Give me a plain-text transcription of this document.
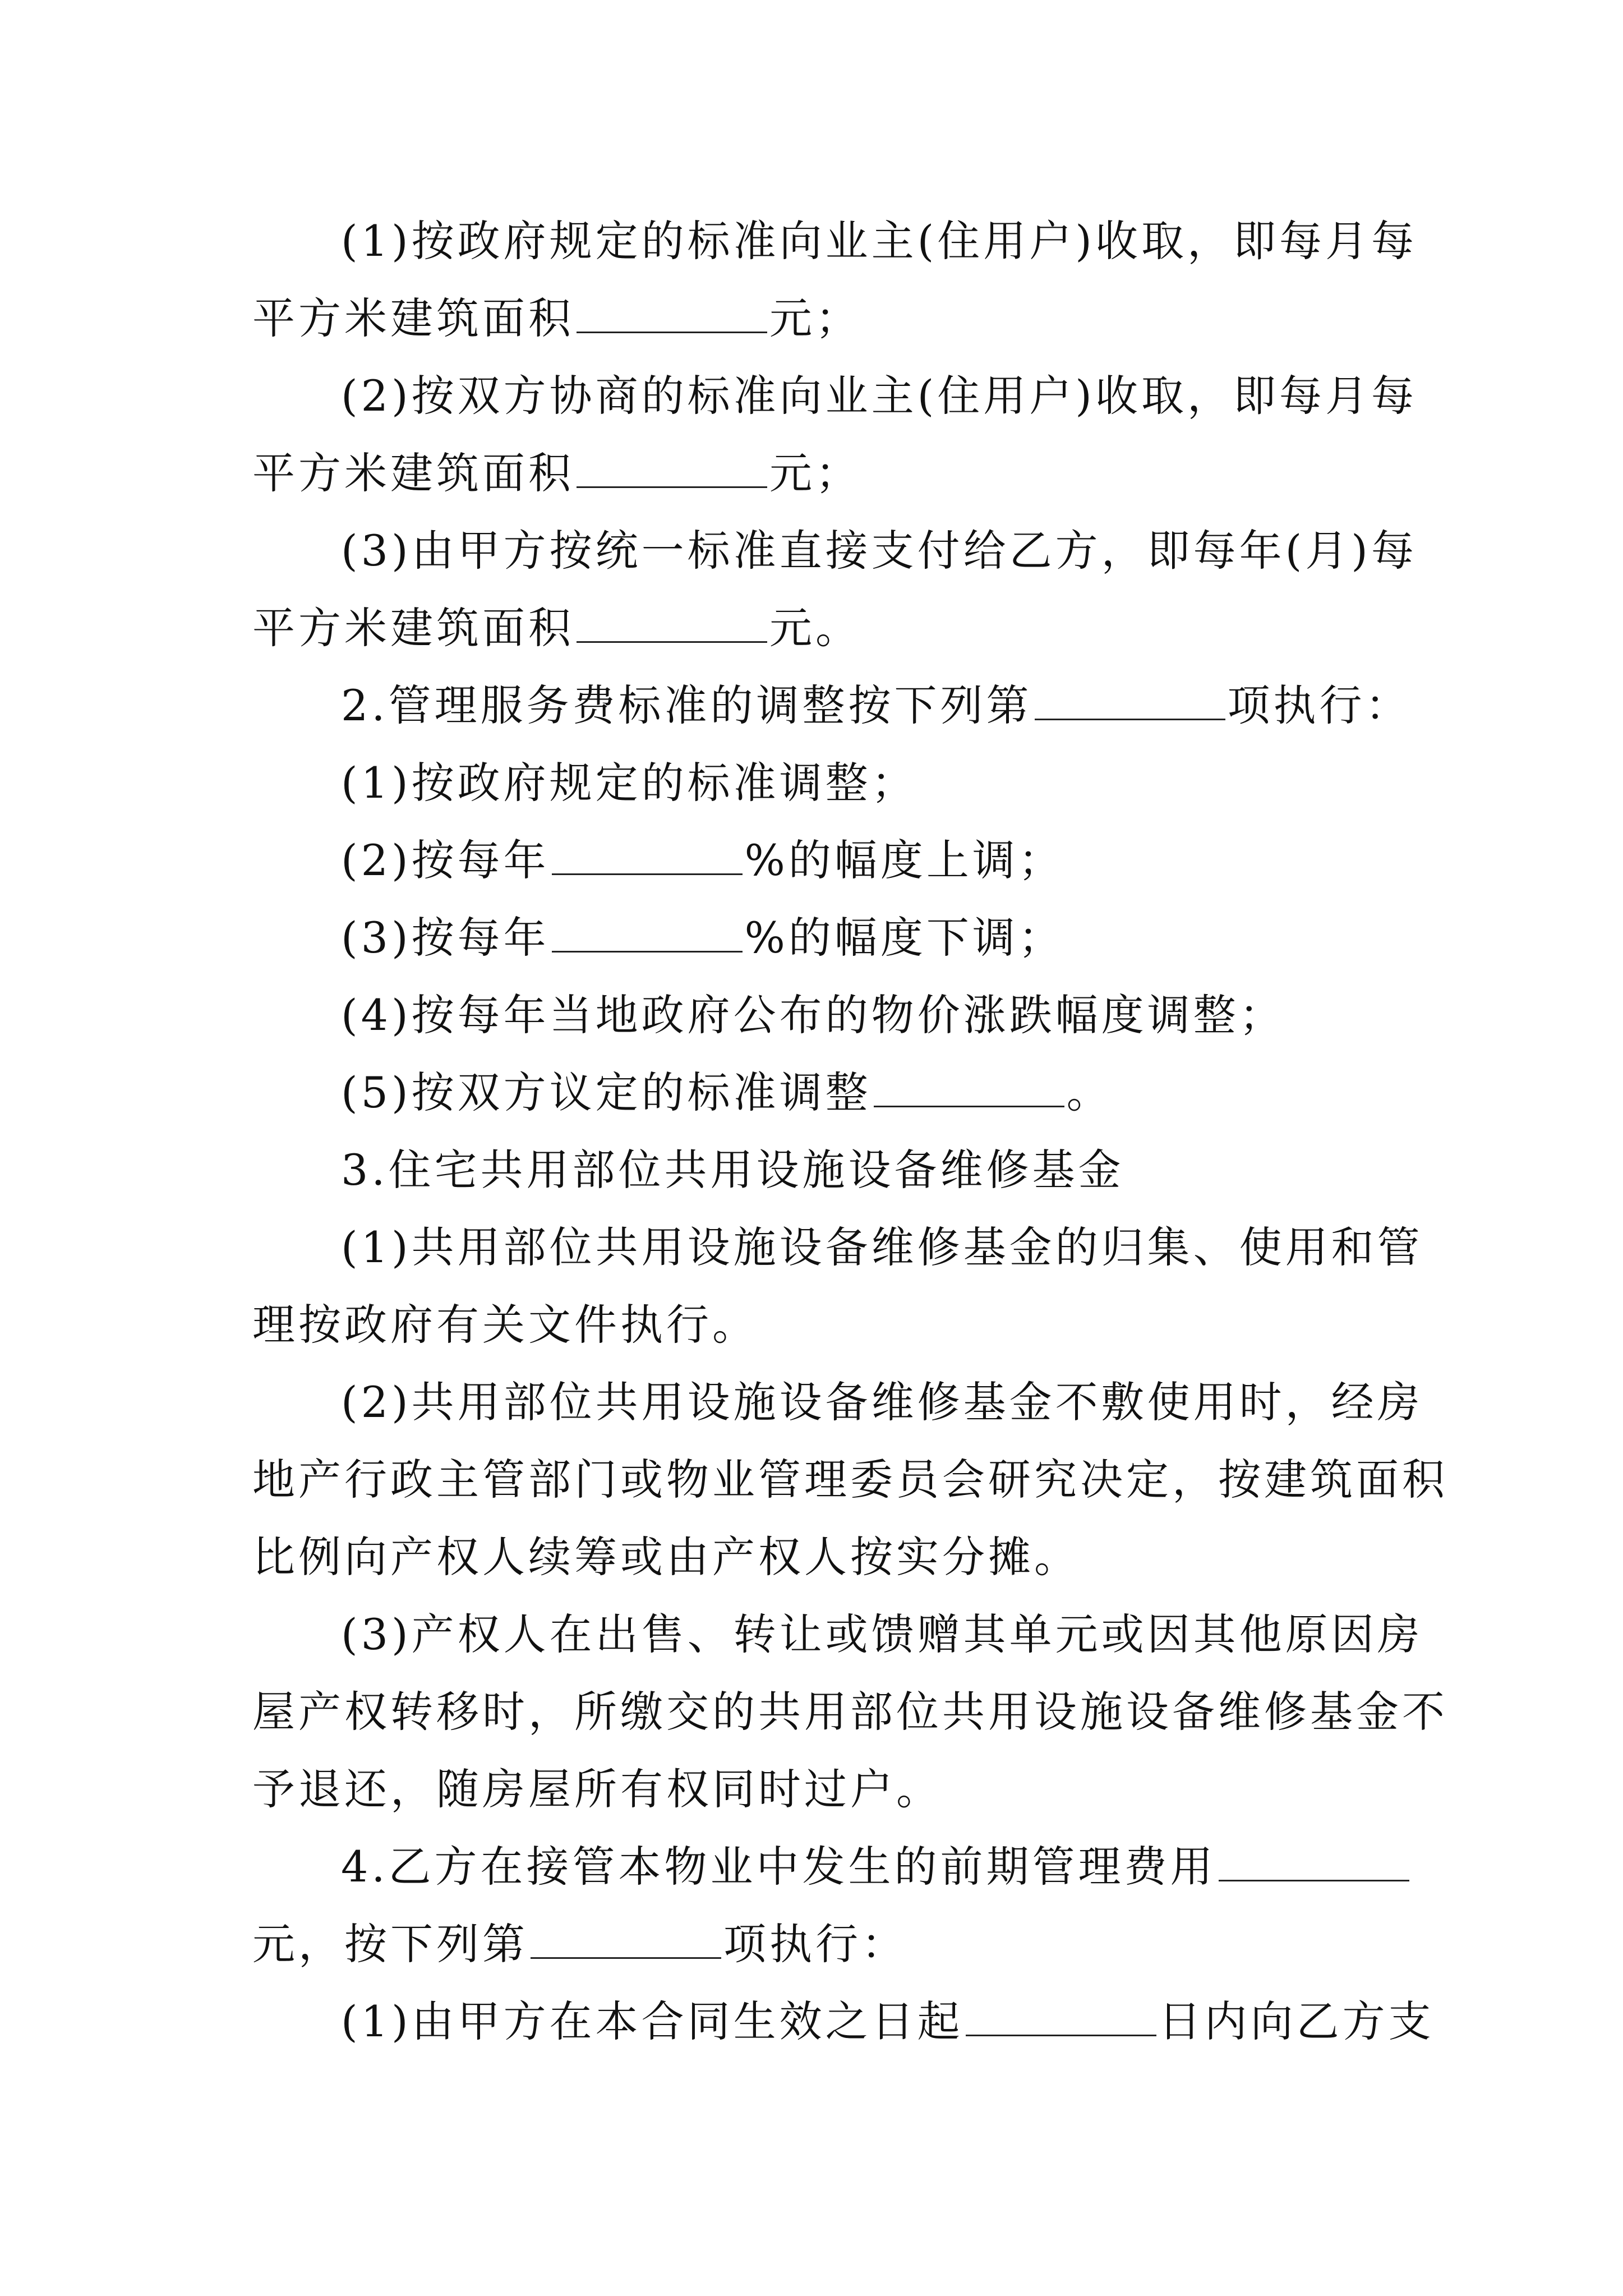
(1)按政府规定的标准向业主(住用户)收取，即每月每
平方米建筑面积	元；
(2)按双方协商的标准向业主(住用户)收取，即每月每
平方米建筑面积	元；
(3)由甲方按统一标准直接支付给乙方，即每年(月)每
平方米建筑面积	元。
2.管理服务费标准的调整按下列第	项执行：
(1)按政府规定的标准调整；
(2)按每年	%的幅度上调；
(3)按每年	%的幅度下调；
(4)按每年当地政府公布的物价涨跌幅度调整；
(5)按双方议定的标准调整	。
3.住宅共用部位共用设施设备维修基金
(1)共用部位共用设施设备维修基金的归集、使用和管
理按政府有关文件执行。
(2)共用部位共用设施设备维修基金不敷使用时，经房
地产行政主管部门或物业管理委员会研究决定，按建筑面积
比例向产权人续筹或由产权人按实分摊。
(3)产权人在出售、转让或馈赠其单元或因其他原因房
屋产权转移时，所缴交的共用部位共用设施设备维修基金不
予退还，随房屋所有权同时过户。
4.乙方在接管本物业中发生的前期管理费用
元，按下列第	项执行：
(1)由甲方在本合同生效之日起	日内向乙方支
